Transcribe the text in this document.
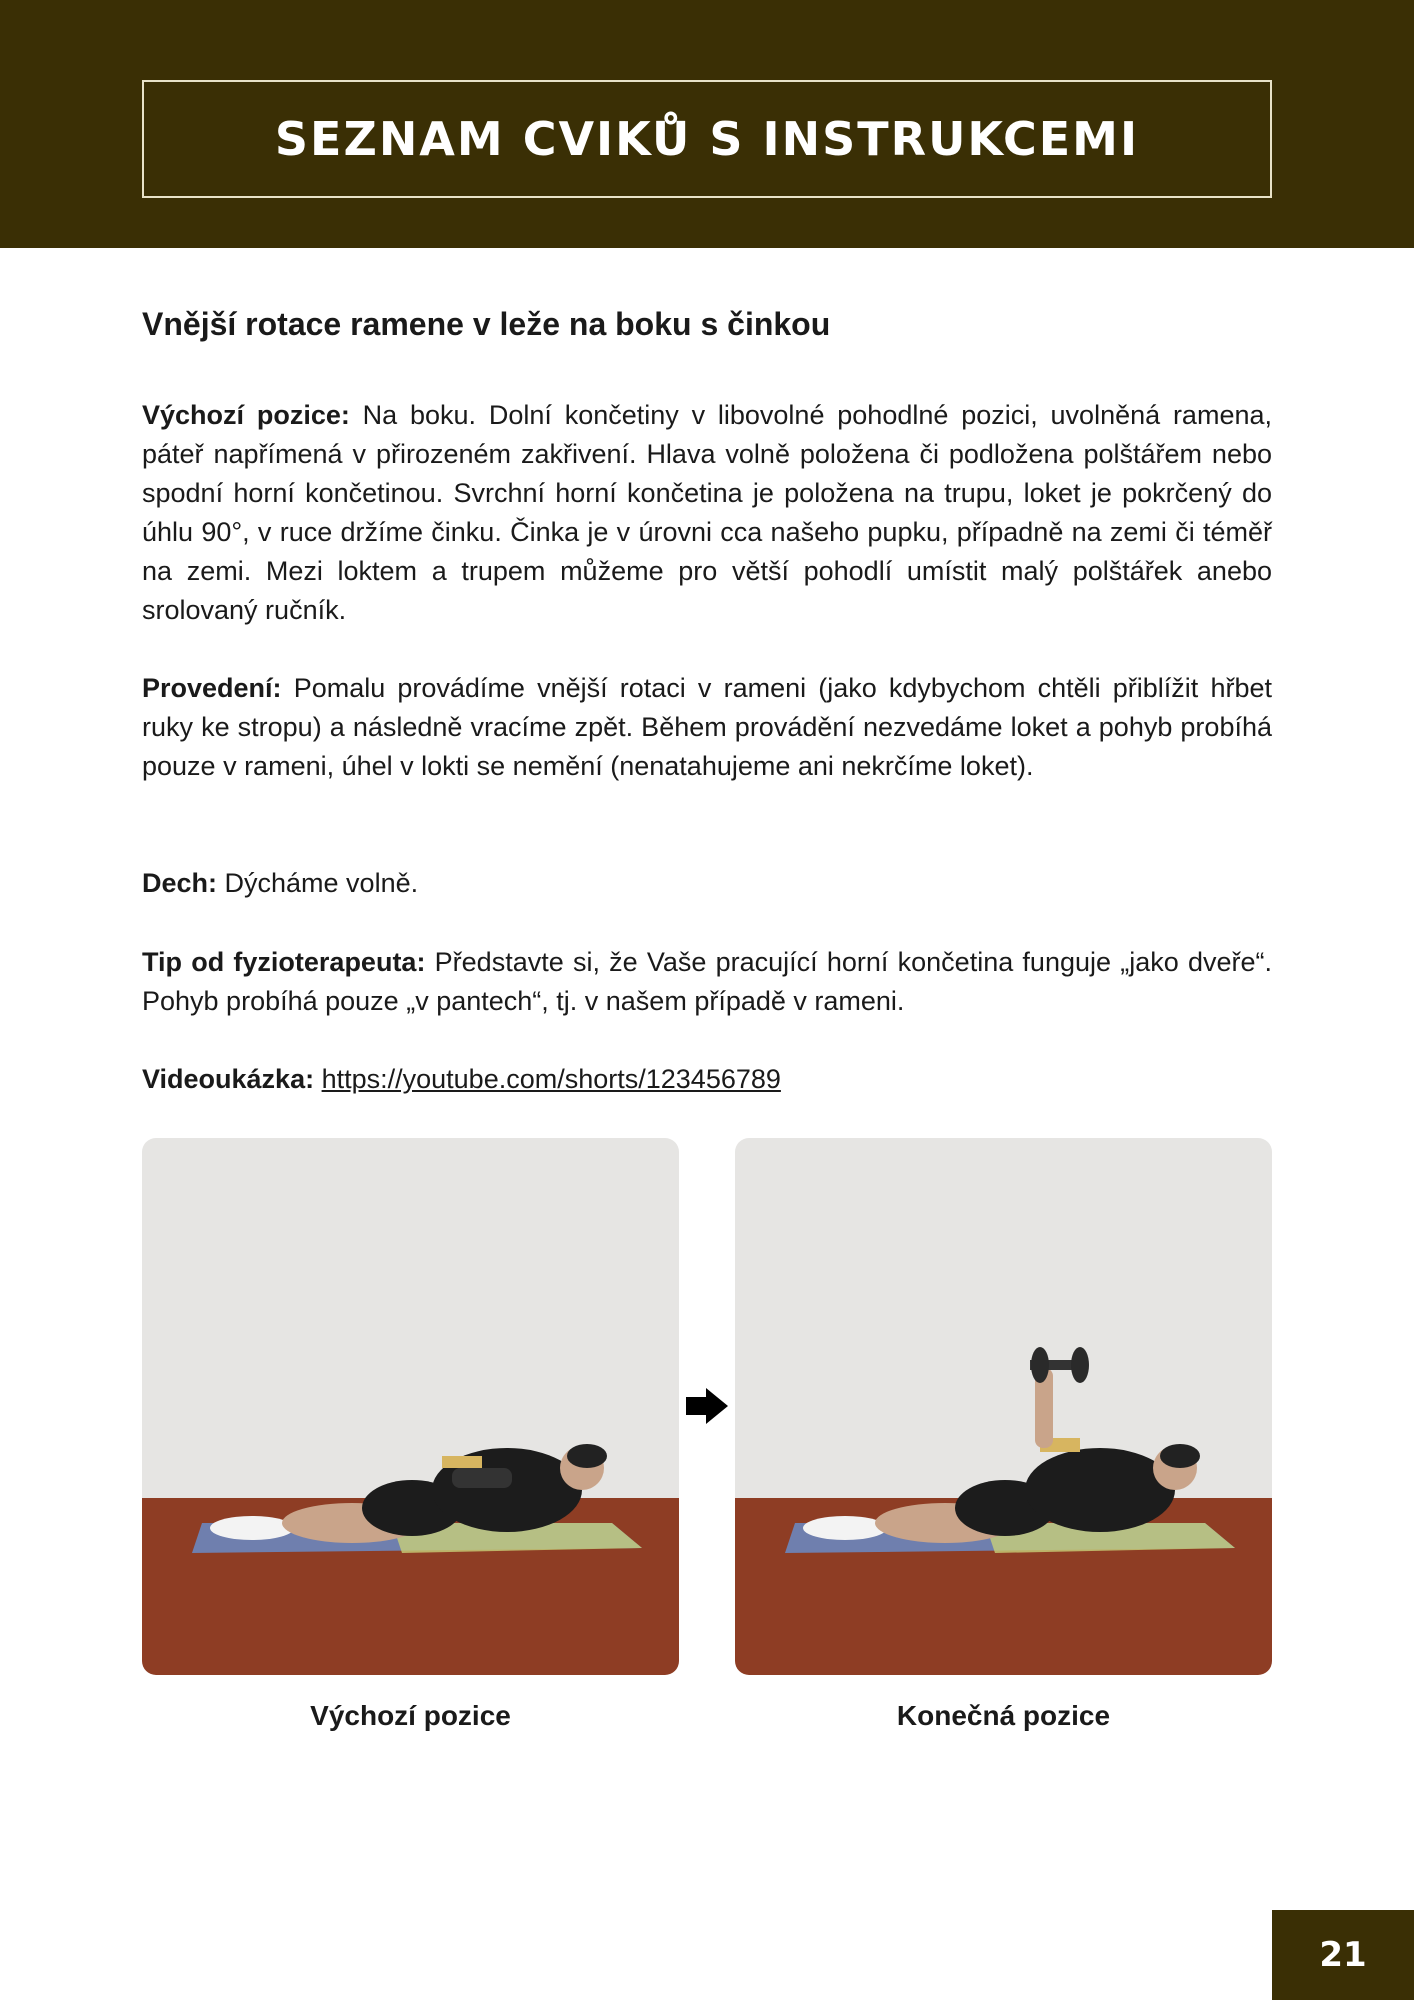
SEZNAM CVIKŮ S INSTRUKCEMI
Vnější rotace ramene v leže na boku s činkou

Výchozí pozice: Na boku. Dolní končetiny v libovolné pohodlné pozici, uvolněná ramena, páteř napřímená v přirozeném zakřivení. Hlava volně položena či podložena polštářem nebo spodní horní končetinou. Svrchní horní končetina je položena na trupu, loket je pokrčený do úhlu 90°, v ruce držíme činku. Činka je v úrovni cca našeho pupku, případně na zemi či téměř na zemi. Mezi loktem a trupem můžeme pro větší pohodlí umístit malý polštářek anebo srolovaný ručník.

Provedení: Pomalu provádíme vnější rotaci v rameni (jako kdybychom chtěli přiblížit hřbet ruky ke stropu) a následně vracíme zpět. Během provádění nezvedáme loket a pohyb probíhá pouze v rameni, úhel v lokti se nemění (nenatahujeme ani nekrčíme loket).

Dech: Dýcháme volně.

Tip od fyzioterapeuta: Představte si, že Vaše pracující horní končetina funguje „jako dveře“. Pohyb probíhá pouze „v pantech“, tj. v našem případě v rameni.

Videoukázka: https://youtube.com/shorts/123456789

Výchozí pozice	Konečná pozice
21
